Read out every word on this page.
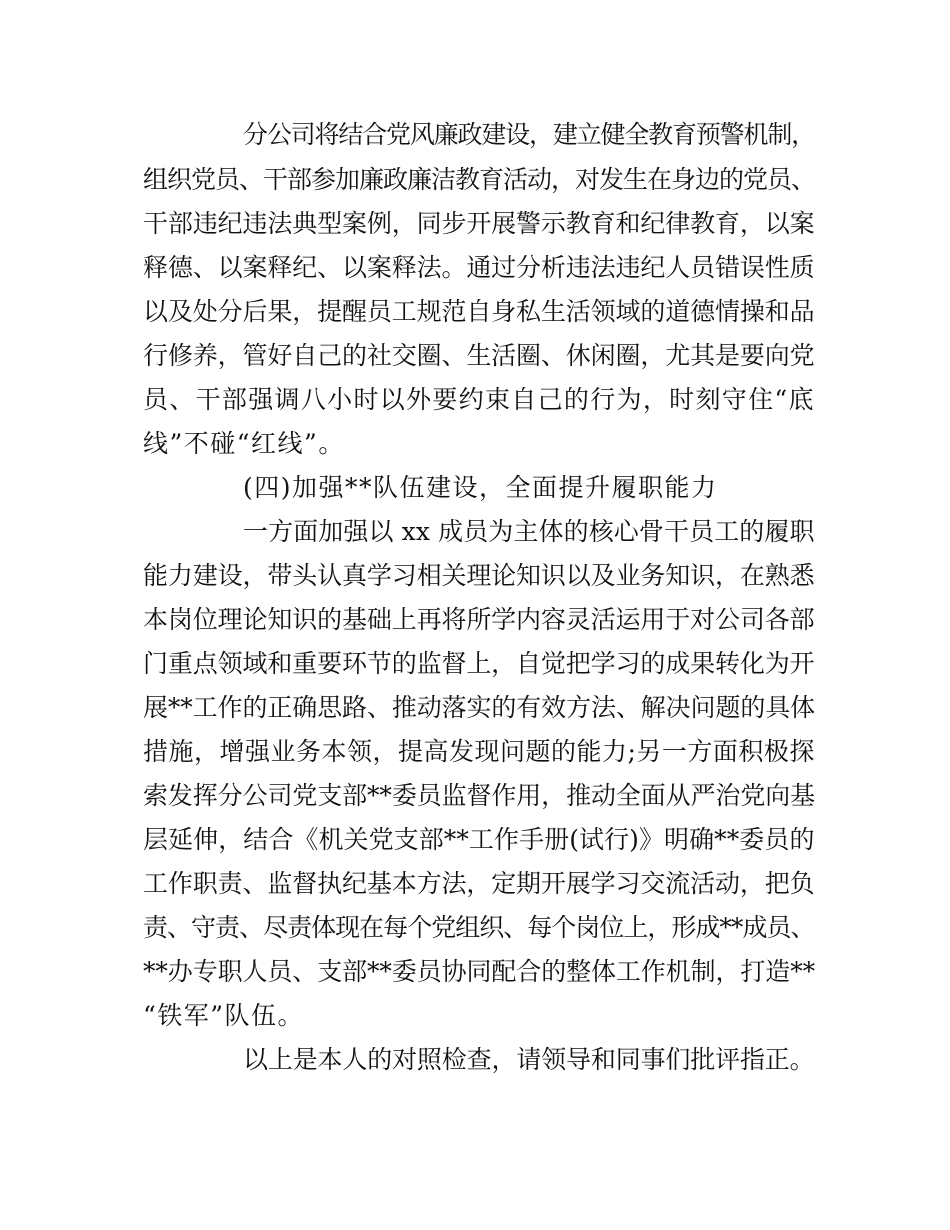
分公司将结合党风廉政建设，建立健全教育预警机制，
组织党员、干部参加廉政廉洁教育活动，对发生在身边的党员、
干部违纪违法典型案例，同步开展警示教育和纪律教育，以案
释德、以案释纪、以案释法。通过分析违法违纪人员错误性质
以及处分后果，提醒员工规范自身私生活领域的道德情操和品
行修养，管好自己的社交圈、生活圈、休闲圈，尤其是要向党
员、干部强调八小时以外要约束自己的行为，时刻守住“底
线”不碰“红线”。
(四)加强**队伍建设，全面提升履职能力
一方面加强以 xx 成员为主体的核心骨干员工的履职
能力建设，带头认真学习相关理论知识以及业务知识，在熟悉
本岗位理论知识的基础上再将所学内容灵活运用于对公司各部
门重点领域和重要环节的监督上，自觉把学习的成果转化为开
展**工作的正确思路、推动落实的有效方法、解决问题的具体
措施，增强业务本领，提高发现问题的能力;另一方面积极探
索发挥分公司党支部**委员监督作用，推动全面从严治党向基
层延伸，结合《机关党支部**工作手册(试行)》明确**委员的
工作职责、监督执纪基本方法，定期开展学习交流活动，把负
责、守责、尽责体现在每个党组织、每个岗位上，形成**成员、
**办专职人员、支部**委员协同配合的整体工作机制，打造**
“铁军”队伍。
以上是本人的对照检查，请领导和同事们批评指正。
